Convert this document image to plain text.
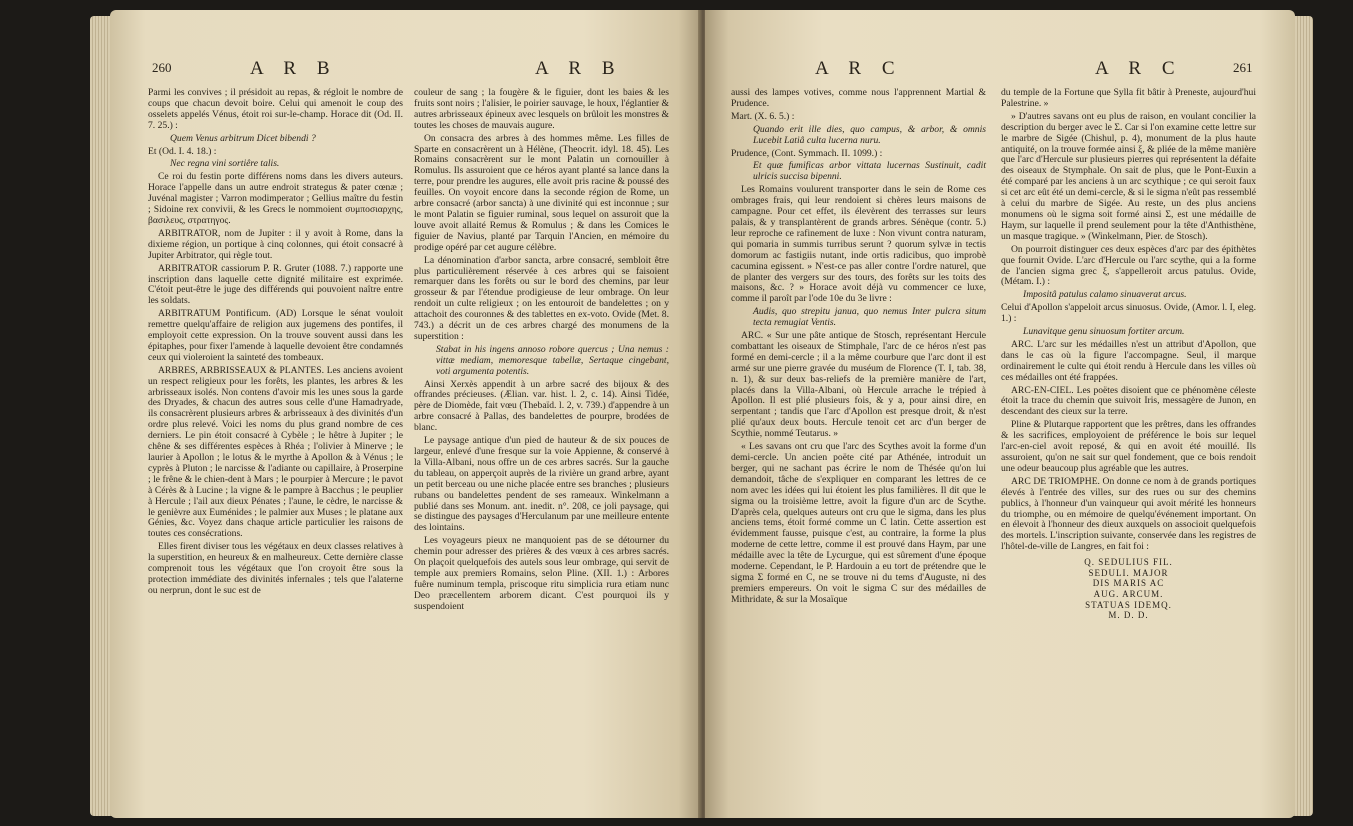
260	A R B	A R B

Parmi les convives ; il présidoit au repas, & régloit le nombre de coups que chacun devoit boire. Celui qui amenoit le coup des osselets appelés Vénus, étoit roi sur-le-champ. Horace dit (Od. II. 7. 25.) :

Quem Venus arbitrum Dicet bibendi ?

Et (Od. I. 4. 18.) :

Nec regna vini sortiêre talis.

Ce roi du festin porte différens noms dans les divers auteurs. Horace l'appelle dans un autre endroit strategus & pater cœnæ ; Juvénal magister ; Varron modimperator ; Gellius maître du festin ; Sidoine rex convivii, & les Grecs le nommoient συμποσιαρχης, βασιλευς, στρατηγος.

ARBITRATOR, nom de Jupiter : il y avoit à Rome, dans la dixieme région, un portique à cinq colonnes, qui étoit consacré à Jupiter Arbitrator, qui règle tout.

ARBITRATOR cassiorum P. R. Gruter (1088. 7.) rapporte une inscription dans laquelle cette dignité militaire est exprimée. C'étoit peut-être le juge des différends qui pouvoient naître entre les soldats.

ARBITRATUM Pontificum. (AD) Lorsque le sénat vouloit remettre quelqu'affaire de religion aux jugemens des pontifes, il employoit cette expression. On la trouve souvent aussi dans les épitaphes, pour fixer l'amende à laquelle devoient être condamnés ceux qui violeroient la sainteté des tombeaux.

ARBRES, ARBRISSEAUX & PLANTES. Les anciens avoient un respect religieux pour les forêts, les plantes, les arbres & les arbrisseaux isolés. Non contens d'avoir mis les unes sous la garde des Dryades, & chacun des autres sous celle d'une Hamadryade, ils consacrèrent plusieurs arbres & arbrisseaux à des divinités d'un ordre plus relevé. Voici les noms du plus grand nombre de ces derniers. Le pin étoit consacré à Cybèle ; le hêtre à Jupiter ; le chêne & ses différentes espèces à Rhéa ; l'olivier à Minerve ; le laurier à Apollon ; le lotus & le myrthe à Apollon & à Vénus ; le cyprès à Pluton ; le narcisse & l'adiante ou capillaire, à Proserpine ; le frêne & le chien-dent à Mars ; le pourpier à Mercure ; le pavot à Cérès & à Lucine ; la vigne & le pampre à Bacchus ; le peuplier à Hercule ; l'ail aux dieux Pénates ; l'aune, le cèdre, le narcisse & le genièvre aux Euménides ; le palmier aux Muses ; le platane aux Génies, &c. Voyez dans chaque article particulier les raisons de toutes ces consécrations.

Elles firent diviser tous les végétaux en deux classes relatives à la superstition, en heureux & en malheureux. Cette dernière classe comprenoit tous les végétaux que l'on croyoit être sous la protection immédiate des divinités infernales ; tels que l'alaterne ou nerprun, dont le suc est de

couleur de sang ; la fougère & le figuier, dont les baies & les fruits sont noirs ; l'alisier, le poirier sauvage, le houx, l'églantier & autres arbrisseaux épineux avec lesquels on brûloit les monstres & toutes les choses de mauvais augure.

On consacra des arbres à des hommes même. Les filles de Sparte en consacrèrent un à Hélène, (Theocrit. idyl. 18. 45). Les Romains consacrèrent sur le mont Palatin un cornouiller à Romulus. Ils assuroient que ce héros ayant planté sa lance dans la terre, pour prendre les augures, elle avoit pris racine & poussé des feuilles. On voyoit encore dans la seconde région de Rome, un arbre consacré (arbor sancta) à une divinité qui est inconnue ; sur le mont Palatin se figuier ruminal, sous lequel on assuroit que la louve avoit allaité Remus & Romulus ; & dans les Comices le figuier de Navius, planté par Tarquin l'Ancien, en mémoire du prodige opéré par cet augure célèbre.

La dénomination d'arbor sancta, arbre consacré, sembloit être plus particulièrement réservée à ces arbres qui se faisoient remarquer dans les forêts ou sur le bord des chemins, par leur grosseur & par l'étendue prodigieuse de leur ombrage. On leur rendoit un culte religieux ; on les entouroit de bandelettes ; on y attachoit des couronnes & des tablettes en ex-voto. Ovide (Met. 8. 743.) a décrit un de ces arbres chargé des monumens de la superstition :

Stabat in his ingens annoso robore quercus ; Una nemus : vittæ mediam, memoresque tabellæ, Sertaque cingebant, voti argumenta potentis.

Ainsi Xerxès appendit à un arbre sacré des bijoux & des offrandes précieuses. (Ælian. var. hist. l. 2, c. 14). Ainsi Tidée, père de Diomède, fait vœu (Thebaïd. l. 2, v. 739.) d'appendre à un arbre consacré à Pallas, des bandelettes de pourpre, brodées de blanc.

Le paysage antique d'un pied de hauteur & de six pouces de largeur, enlevé d'une fresque sur la voie Appienne, & conservé à la Villa-Albani, nous offre un de ces arbres sacrés. Sur la gauche du tableau, on apperçoit auprès de la rivière un grand arbre, ayant un petit berceau ou une niche placée entre ses branches ; plusieurs rubans ou bandelettes pendent de ses rameaux. Winkelmann a publié dans ses Monum. ant. inedit. n°. 208, ce joli paysage, qui se distingue des paysages d'Herculanum par une meilleure entente des lointains.

Les voyageurs pieux ne manquoient pas de se détourner du chemin pour adresser des prières & des vœux à ces arbres sacrés. On plaçoit quelquefois des autels sous leur ombrage, qui servit de temple aux premiers Romains, selon Pline. (XII. 1.) : Arbores fuêre numinum templa, priscoque ritu simplicia rura etiam nunc Deo præcellentem arborem dicant. C'est pourquoi ils y suspendoient

A R C	A R C	261

aussi des lampes votives, comme nous l'apprennent Martial & Prudence.

Mart. (X. 6. 5.) :

Quando erit ille dies, quo campus, & arbor, & omnis Lucebit Latiâ culta lucerna nuru.

Prudence, (Cont. Symmach. II. 1099.) :

Et quæ fumificas arbor vittata lucernas Sustinuit, cadit ulricis succisa bipenni.

Les Romains voulurent transporter dans le sein de Rome ces ombrages frais, qui leur rendoient si chères leurs maisons de campagne. Pour cet effet, ils élevèrent des terrasses sur leurs palais, & y transplantèrent de grands arbres. Sénèque (contr. 5.) leur reproche ce rafinement de luxe : Non vivunt contra naturam, qui pomaria in summis turribus serunt ? quorum sylvæ in tectis domorum ac fastigiis nutant, inde ortis radicibus, quo improbè cacumina egissent. » N'est-ce pas aller contre l'ordre naturel, que de planter des vergers sur des tours, des forêts sur les toits des maisons, &c. ? » Horace avoit déjà vu commencer ce luxe, comme il paroît par l'ode 10e du 3e livre :

Audis, quo strepitu janua, quo nemus Inter pulcra situm tecta remugiat Ventis.

ARC. « Sur une pâte antique de Stosch, représentant Hercule combattant les oiseaux de Stimphale, l'arc de ce héros n'est pas formé en demi-cercle ; il a la même courbure que l'arc dont il est armé sur une pierre gravée du muséum de Florence (T. I, tab. 38, n. 1), & sur deux bas-reliefs de la première manière de l'art, placés dans la Villa-Albani, où Hercule arrache le trépied à Apollon. Il est plié plusieurs fois, & y a, pour ainsi dire, en serpentant ; tandis que l'arc d'Apollon est presque droit, & n'est plié qu'aux deux bouts. Hercule tenoit cet arc d'un berger de Scythie, nommé Teutarus. »

« Les savans ont cru que l'arc des Scythes avoit la forme d'un demi-cercle. Un ancien poëte cité par Athénée, introduit un berger, qui ne sachant pas écrire le nom de Thésée qu'on lui demandoit, tâche de s'expliquer en comparant les lettres de ce nom avec les idées qui lui étoient les plus familières. Il dit que le sigma ou la troisième lettre, avoit la figure d'un arc de Scythe. D'après cela, quelques auteurs ont cru que le sigma, dans les plus anciens tems, étoit formé comme un C latin. Cette assertion est évidemment fausse, puisque c'est, au contraire, la forme la plus moderne de cette lettre, comme il est prouvé dans Haym, par une médaille avec la tête de Lycurgue, qui est sûrement d'une époque moderne. Cependant, le P. Hardouin a eu tort de prétendre que le sigma Σ formé en C, ne se trouve ni du tems d'Auguste, ni des premiers empereurs. On voit le sigma C sur des médailles de Mithridate, & sur la Mosaïque

du temple de la Fortune que Sylla fit bâtir à Preneste, aujourd'hui Palestrine. »

» D'autres savans ont eu plus de raison, en voulant concilier la description du berger avec le Σ. Car si l'on examine cette lettre sur le marbre de Sigée (Chishul, p. 4), monument de la plus haute antiquité, on la trouve formée ainsi ξ, & pliée de la même manière que l'arc d'Hercule sur plusieurs pierres qui représentent la défaite des oiseaux de Stymphale. On sait de plus, que le Pont-Euxin a été comparé par les anciens à un arc scythique ; ce qui seroit faux si cet arc eût été un demi-cercle, & si le sigma n'eût pas ressemblé à celui du marbre de Sigée. Au reste, un des plus anciens monumens où le sigma soit formé ainsi Σ, est une médaille de Haym, sur laquelle il prend seulement pour la tête d'Anthisthène, un masque tragique. » (Winkelmann, Pier. de Stosch).

On pourroit distinguer ces deux espèces d'arc par des épithètes que fournit Ovide. L'arc d'Hercule ou l'arc scythe, qui a la forme de l'ancien sigma grec ξ, s'appelleroit arcus patulus. Ovide, (Métam. I.) :

Impositâ patulus calamo sinuaverat arcus.

Celui d'Apollon s'appeloit arcus sinuosus. Ovide, (Amor. l. I, eleg. 1.) :

Lunavitque genu sinuosum fortiter arcum.

ARC. L'arc sur les médailles n'est un attribut d'Apollon, que dans le cas où la figure l'accompagne. Seul, il marque ordinairement le culte qui étoit rendu à Hercule dans les villes où ces médailles ont été frappées.

ARC-EN-CIEL. Les poëtes disoient que ce phénomène céleste étoit la trace du chemin que suivoit Iris, messagère de Junon, en descendant des cieux sur la terre.

Pline & Plutarque rapportent que les prêtres, dans les offrandes & les sacrifices, employoient de préférence le bois sur lequel l'arc-en-ciel avoit reposé, & qui en avoit été mouillé. Ils assuroient, qu'on ne sait sur quel fondement, que ce bois rendoit une odeur beaucoup plus agréable que les autres.

ARC DE TRIOMPHE. On donne ce nom à de grands portiques élevés à l'entrée des villes, sur des rues ou sur des chemins publics, à l'honneur d'un vainqueur qui avoit mérité les honneurs du triomphe, ou en mémoire de quelqu'événement important. On en élevoit à l'honneur des dieux auxquels on associoit quelquefois des mortels. L'inscription suivante, conservée dans les registres de l'hôtel-de-ville de Langres, en fait foi :

Q. SEDULIUS FIL.
SEDULI. MAJOR
DIS MARIS AC
AUG. ARCUM.
STATUAS IDEMQ.
M. D. D.
